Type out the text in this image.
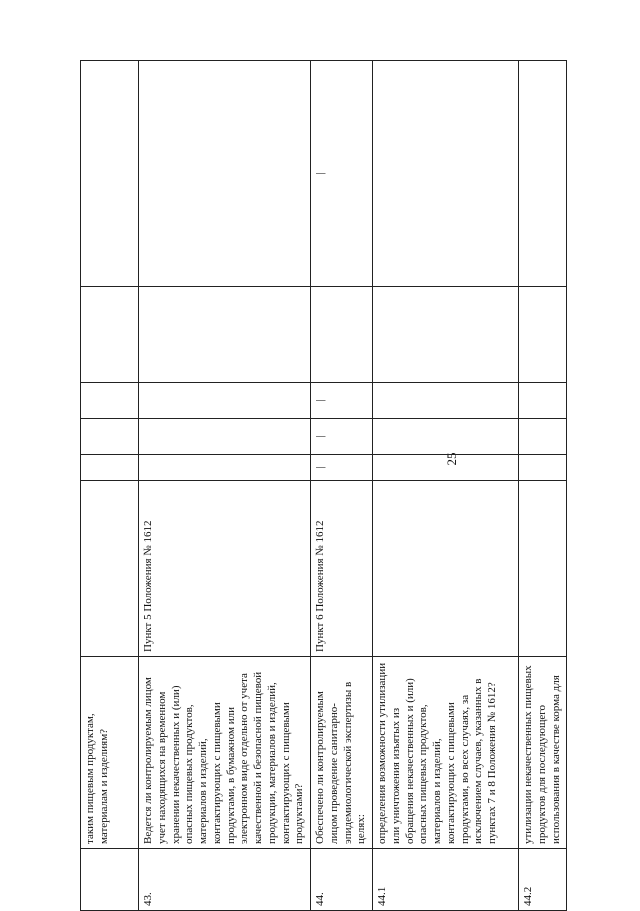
25
	таким пищевым продуктам, материалам и изделиям?						
43.	Ведется ли контролируемым лицом учет находящихся на временном хранении некачественных и (или) опасных пищевых продуктов, материалов и изделий, контактирующих с пищевыми продуктами, в бумажном или электронном виде отдельно от учета качественной и безопасной пищевой продукции, материалов и изделий, контактирующих с пищевыми продуктами?	Пункт 5 Положения № 1612					
44.	Обеспечено ли контролируемым лицом проведение санитарно-эпидемиологической экспертизы в целях:	Пункт 6 Положения № 1612	|	|	|		|
44.1	определения возможности утилизации или уничтожения изъятых из обращения некачественных и (или) опасных пищевых продуктов, материалов и изделий, контактирующих с пищевыми продуктами, во всех случаях, за исключением случаев, указанных в пунктах 7 и 8 Положения № 1612?						
44.2	утилизации некачественных пищевых продуктов для последующего использования в качестве корма для						
